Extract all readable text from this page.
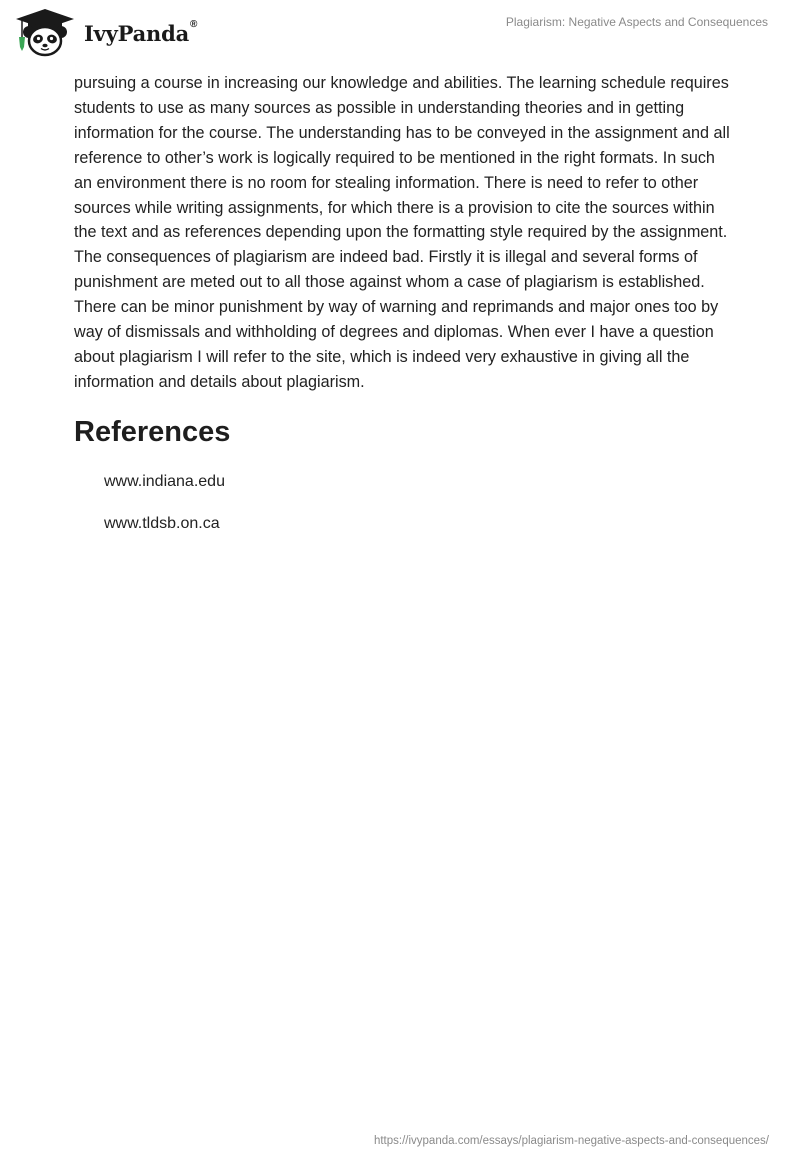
IvyPanda®	Plagiarism: Negative Aspects and Consequences

pursuing a course in increasing our knowledge and abilities. The learning schedule requires students to use as many sources as possible in understanding theories and in getting information for the course. The understanding has to be conveyed in the assignment and all reference to other’s work is logically required to be mentioned in the right formats. In such an environment there is no room for stealing information. There is need to refer to other sources while writing assignments, for which there is a provision to cite the sources within the text and as references depending upon the formatting style required by the assignment. The consequences of plagiarism are indeed bad. Firstly it is illegal and several forms of punishment are meted out to all those against whom a case of plagiarism is established. There can be minor punishment by way of warning and reprimands and major ones too by way of dismissals and withholding of degrees and diplomas. When ever I have a question about plagiarism I will refer to the site, which is indeed very exhaustive in giving all the information and details about plagiarism.

References
www.indiana.edu
www.tldsb.on.ca
https://ivypanda.com/essays/plagiarism-negative-aspects-and-consequences/
